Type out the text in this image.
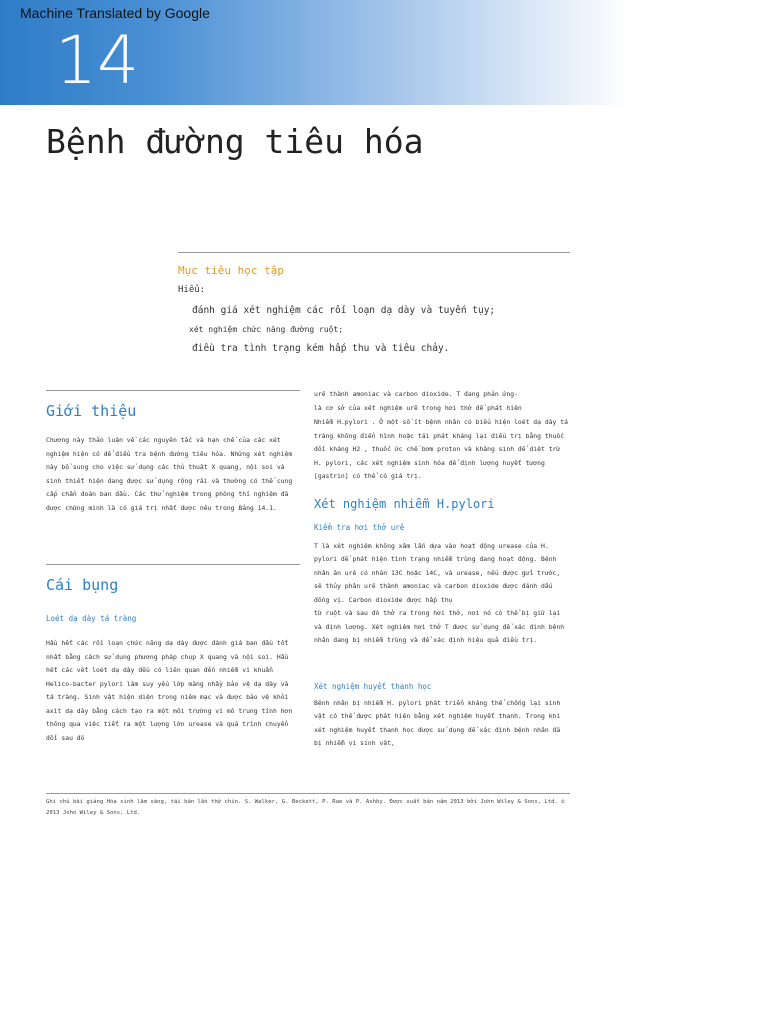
Machine Translated by Google
14
Bệnh đường tiêu hóa
Mục tiêu học tập
Hiểu:
đánh giá xét nghiệm các rối loạn dạ dày và tuyến tụy;
xét nghiệm chức năng đường ruột;
điều tra tình trạng kém hấp thu và tiêu chảy.
Giới thiệu

Chương này thảo luận về các nguyên tắc và hạn chế của các xét nghiệm hiện có để điều tra bệnh đường tiêu hóa. Những xét nghiệm này bổ sung cho việc sử dụng các thủ thuật X quang, nội soi và sinh thiết hiện đang được sử dụng rộng rãi và thường có thể cung cấp chẩn đoán ban đầu. Các thử nghiệm trong phòng thí nghiệm đã được chứng minh là có giá trị nhất được nêu trong Bảng 14.1.

Cái bụng
Loét dạ dày tá tràng

Hầu hết các rối loạn chức năng dạ dày được đánh giá ban đầu tốt nhất bằng cách sử dụng phương pháp chụp X quang và nội soi. Hầu hết các vết loét dạ dày đều có liên quan đến nhiễm vi khuẩn Helico-bacter pylori làm suy yếu lớp màng nhầy bảo vệ dạ dày và tá tràng. Sinh vật hiện diện trong niêm mạc và được bảo vệ khỏi axit dạ dày bằng cách tạo ra một môi trường vi mô trung tính hơn thông qua việc tiết ra một lượng lớn urease và quá trình chuyển đổi sau đó

urê thành amoniac và carbon dioxide. T đang phản ứng-

là cơ sở của xét nghiệm urê trong hơi thở để phát hiện

Nhiễm H.pylori . Ở một số ít bệnh nhân có biểu hiện loét dạ dày tá tràng không điển hình hoặc tái phát kháng lại điều trị bằng thuốc đối kháng H2 , thuốc ức chế bơm proton và kháng sinh để diệt trừ H. pylori, các xét nghiệm sinh hóa để định lượng huyết tương [gastrin] có thể có giá trị.

Xét nghiệm nhiễm H.pylori
Kiểm tra hơi thở urê

T là xét nghiệm không xâm lấn dựa vào hoạt động urease của H. pylori để phát hiện tình trạng nhiễm trùng đang hoạt động. Bệnh nhân ăn urê có nhãn 13C hoặc 14C, và urease, nếu được gửi trước, sẽ thủy phân urê thành amoniac và carbon dioxide được đánh dấu đồng vị. Carbon dioxide được hấp thụ

từ ruột và sau đó thở ra trong hơi thở, nơi nó có thể bị giữ lại và định lượng. Xét nghiệm hơi thở T được sử dụng để xác định bệnh nhân đang bị nhiễm trùng và để xác định hiệu quả điều trị.

Xét nghiệm huyết thanh học

Bệnh nhân bị nhiễm H. pylori phát triển kháng thể chống lại sinh vật có thể được phát hiện bằng xét nghiệm huyết thanh. Trong khi xét nghiệm huyết thanh học được sử dụng để xác định bệnh nhân đã bị nhiễm vi sinh vật,

Ghi chú bài giảng Hóa sinh lâm sàng, tái bản lần thứ chín. S. Walker, G. Beckett, P. Rae và P. Ashby. Được xuất bản năm 2013 bởi John Wiley & Sons, Ltd. © 2013 John Wiley & Sons, Ltd.
